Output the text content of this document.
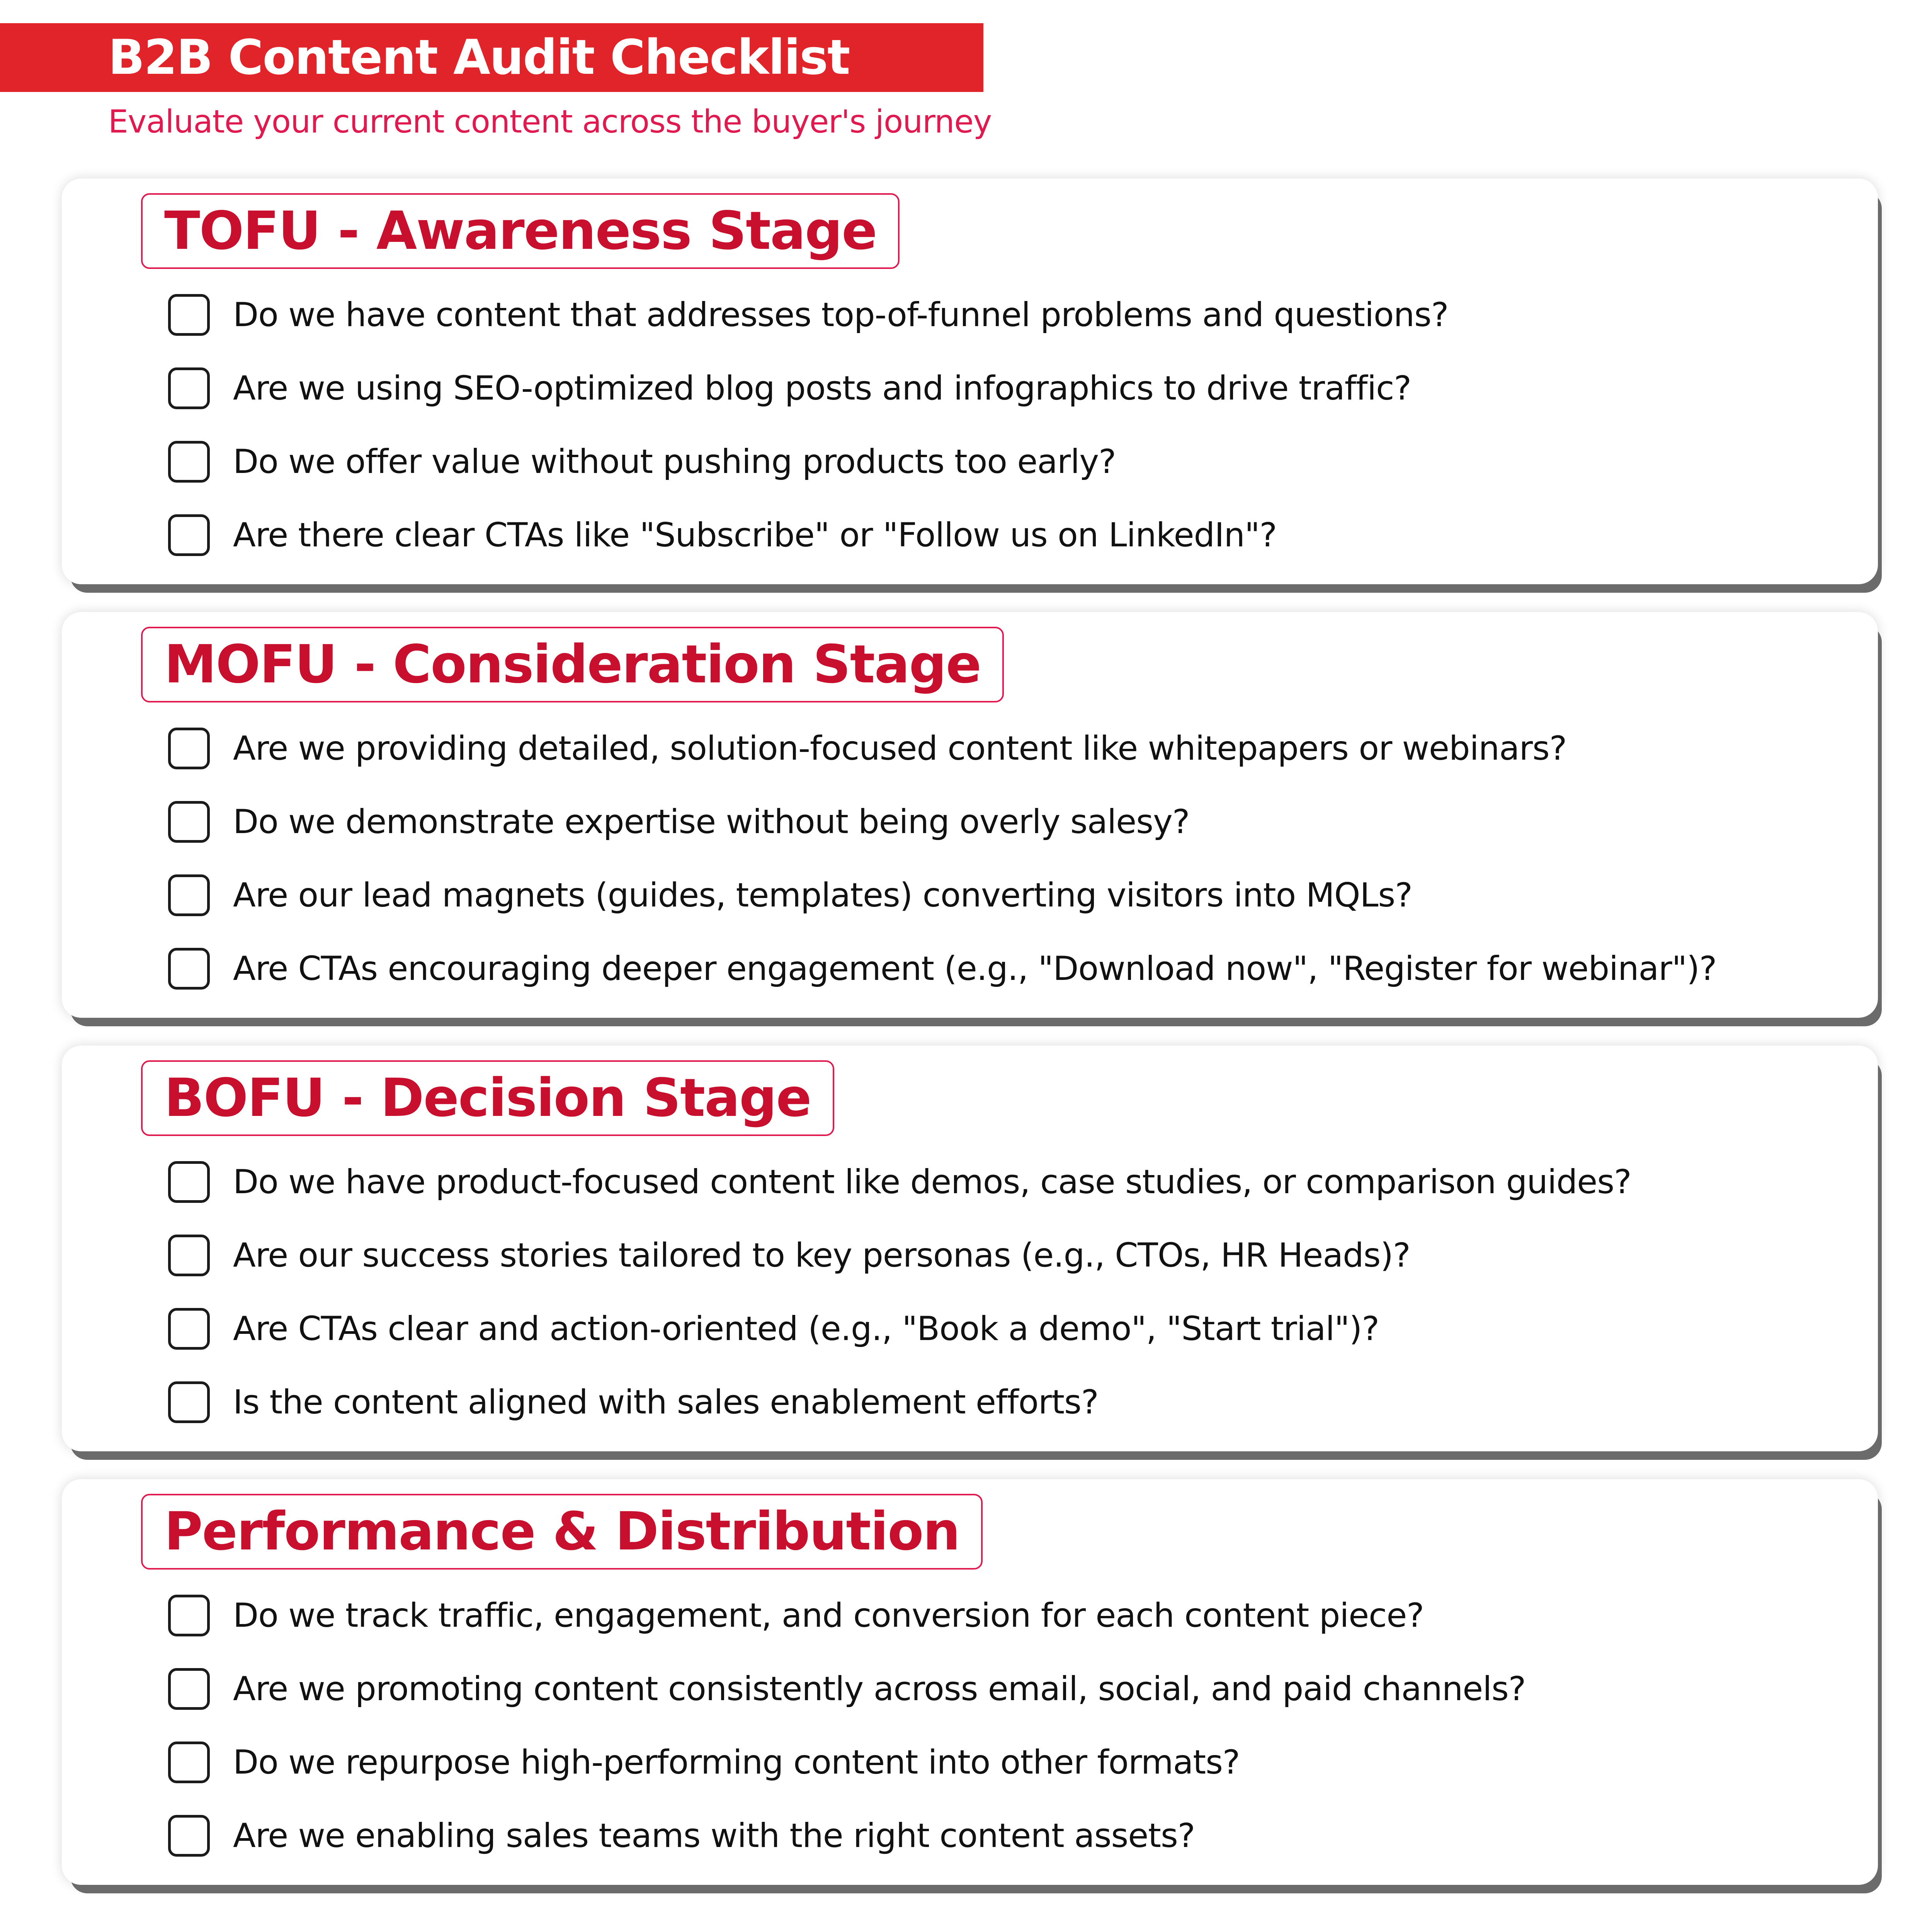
B2B Content Audit Checklist
Evaluate your current content across the buyer's journey
TOFU - Awareness Stage
Do we have content that addresses top-of-funnel problems and questions?
Are we using SEO-optimized blog posts and infographics to drive traffic?
Do we offer value without pushing products too early?
Are there clear CTAs like "Subscribe" or "Follow us on LinkedIn"?
MOFU - Consideration Stage
Are we providing detailed, solution-focused content like whitepapers or webinars?
Do we demonstrate expertise without being overly salesy?
Are our lead magnets (guides, templates) converting visitors into MQLs?
Are CTAs encouraging deeper engagement (e.g., "Download now", "Register for webinar")?
BOFU - Decision Stage
Do we have product-focused content like demos, case studies, or comparison guides?
Are our success stories tailored to key personas (e.g., CTOs, HR Heads)?
Are CTAs clear and action-oriented (e.g., "Book a demo", "Start trial")?
Is the content aligned with sales enablement efforts?
Performance & Distribution
Do we track traffic, engagement, and conversion for each content piece?
Are we promoting content consistently across email, social, and paid channels?
Do we repurpose high-performing content into other formats?
Are we enabling sales teams with the right content assets?
